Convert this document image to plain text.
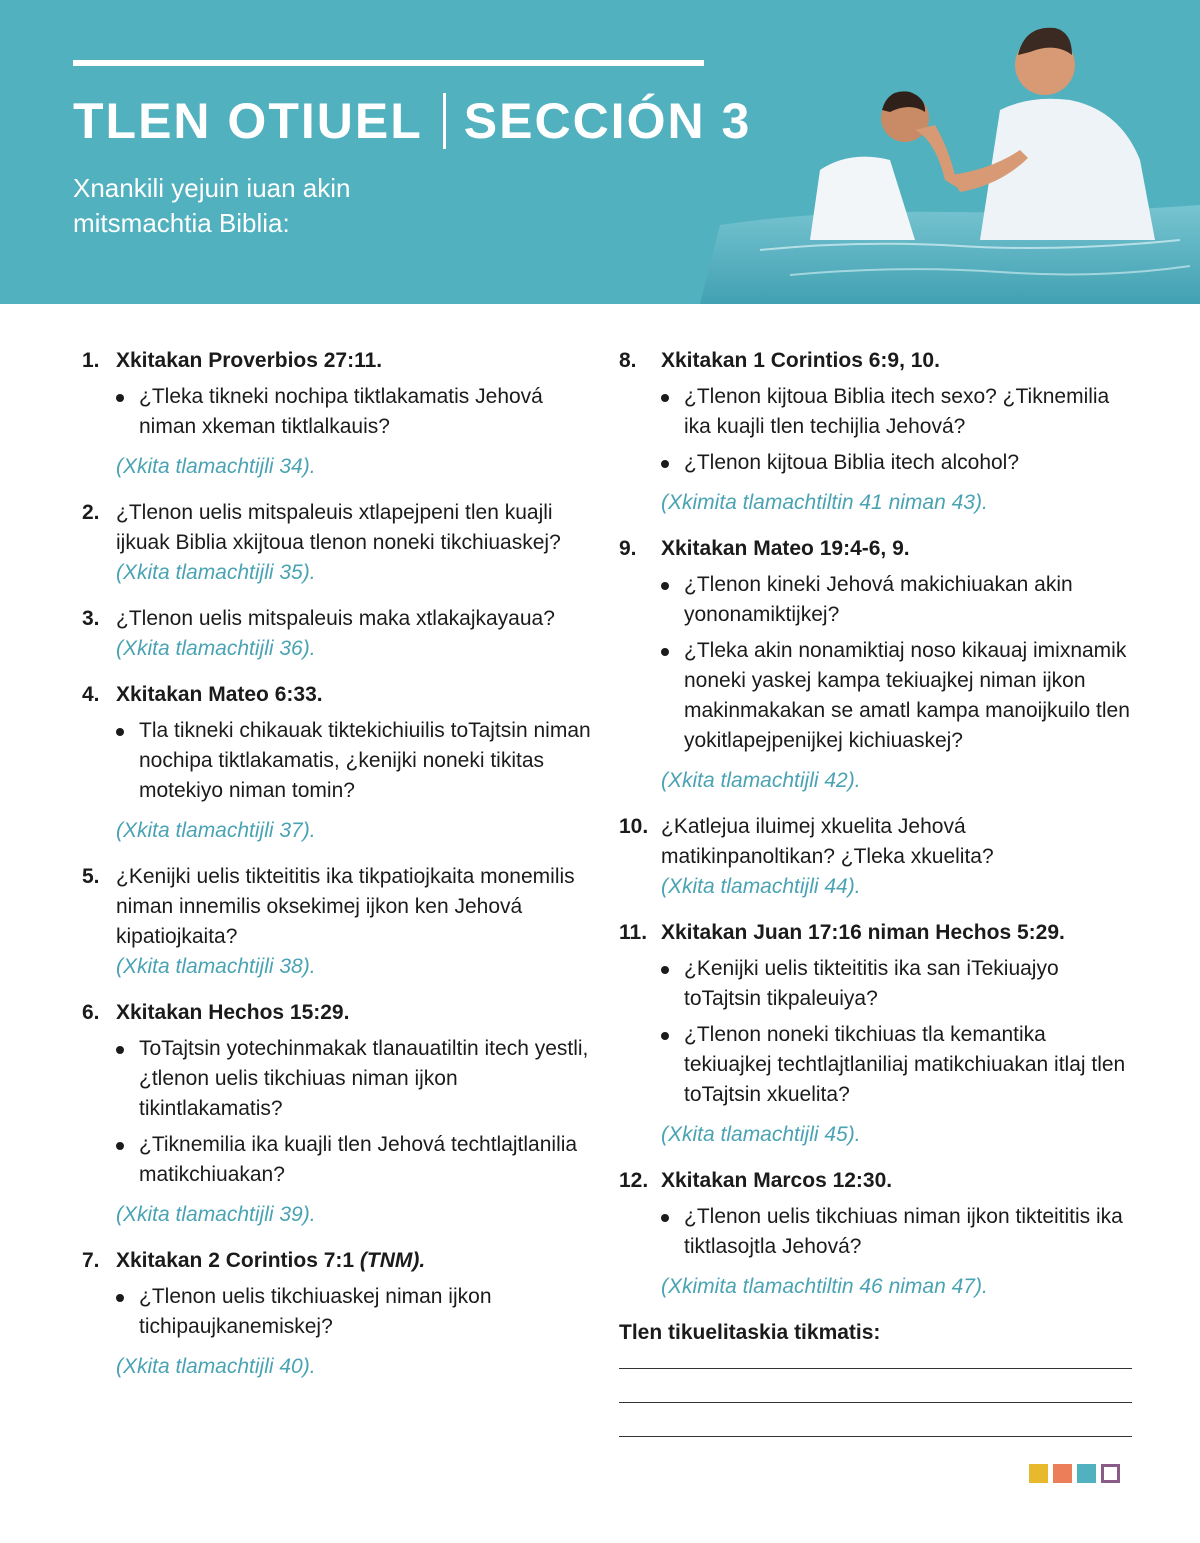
TLEN OTIUEL SECCIÓN 3

Xnankili yejuin iuan akin mitsmachtia Biblia:

1. Xkitakan Proverbios 27:11.

¿Tleka tikneki nochipa tiktlakamatis Jehová niman xkeman tiktlalkauis?

(Xkita tlamachtijli 34).

2. ¿Tlenon uelis mitspaleuis xtlapejpeni tlen kuajli ijkuak Biblia xkijtoua tlenon noneki tikchiuaskej?

(Xkita tlamachtijli 35).

3. ¿Tlenon uelis mitspaleuis maka xtlakajkayaua?

(Xkita tlamachtijli 36).

4. Xkitakan Mateo 6:33.

Tla tikneki chikauak tiktekichiuilis toTajtsin niman nochipa tiktlakamatis, ¿kenijki noneki tikitas motekiyo niman tomin?

(Xkita tlamachtijli 37).

5. ¿Kenijki uelis tikteititis ika tikpatiojkaita monemilis niman innemilis oksekimej ijkon ken Jehová kipatiojkaita?

(Xkita tlamachtijli 38).

6. Xkitakan Hechos 15:29.

ToTajtsin yotechinmakak tlanauatiltin itech yestli, ¿tlenon uelis tikchiuas niman ijkon tikintlakamatis?

¿Tiknemilia ika kuajli tlen Jehová techtlajtlanilia matikchiuakan?

(Xkita tlamachtijli 39).

7. Xkitakan 2 Corintios 7:1 (TNM).

¿Tlenon uelis tikchiuaskej niman ijkon tichipaujkanemiskej?

(Xkita tlamachtijli 40).

8. Xkitakan 1 Corintios 6:9, 10.

¿Tlenon kijtoua Biblia itech sexo? ¿Tiknemilia ika kuajli tlen techijlia Jehová?

¿Tlenon kijtoua Biblia itech alcohol?

(Xkimita tlamachtiltin 41 niman 43).

9. Xkitakan Mateo 19:4-6, 9.

¿Tlenon kineki Jehová makichiuakan akin yononamiktijkej?

¿Tleka akin nonamiktiaj noso kikauaj imixnamik noneki yaskej kampa tekiuajkej niman ijkon makinmakakan se amatl kampa manoijkuilo tlen yokitlapejpenijkej kichiuaskej?

(Xkita tlamachtijli 42).

10. ¿Katlejua iluimej xkuelita Jehová matikinpanoltikan? ¿Tleka xkuelita?

(Xkita tlamachtijli 44).

11. Xkitakan Juan 17:16 niman Hechos 5:29.

¿Kenijki uelis tikteititis ika san iTekiuajyo toTajtsin tikpaleuiya?

¿Tlenon noneki tikchiuas tla kemantika tekiuajkej techtlajtlaniliaj matikchiuakan itlaj tlen toTajtsin xkuelita?

(Xkita tlamachtijli 45).

12. Xkitakan Marcos 12:30.

¿Tlenon uelis tikchiuas niman ijkon tikteititis ika tiktlasojtla Jehová?

(Xkimita tlamachtiltin 46 niman 47).

Tlen tikuelitaskia tikmatis:
